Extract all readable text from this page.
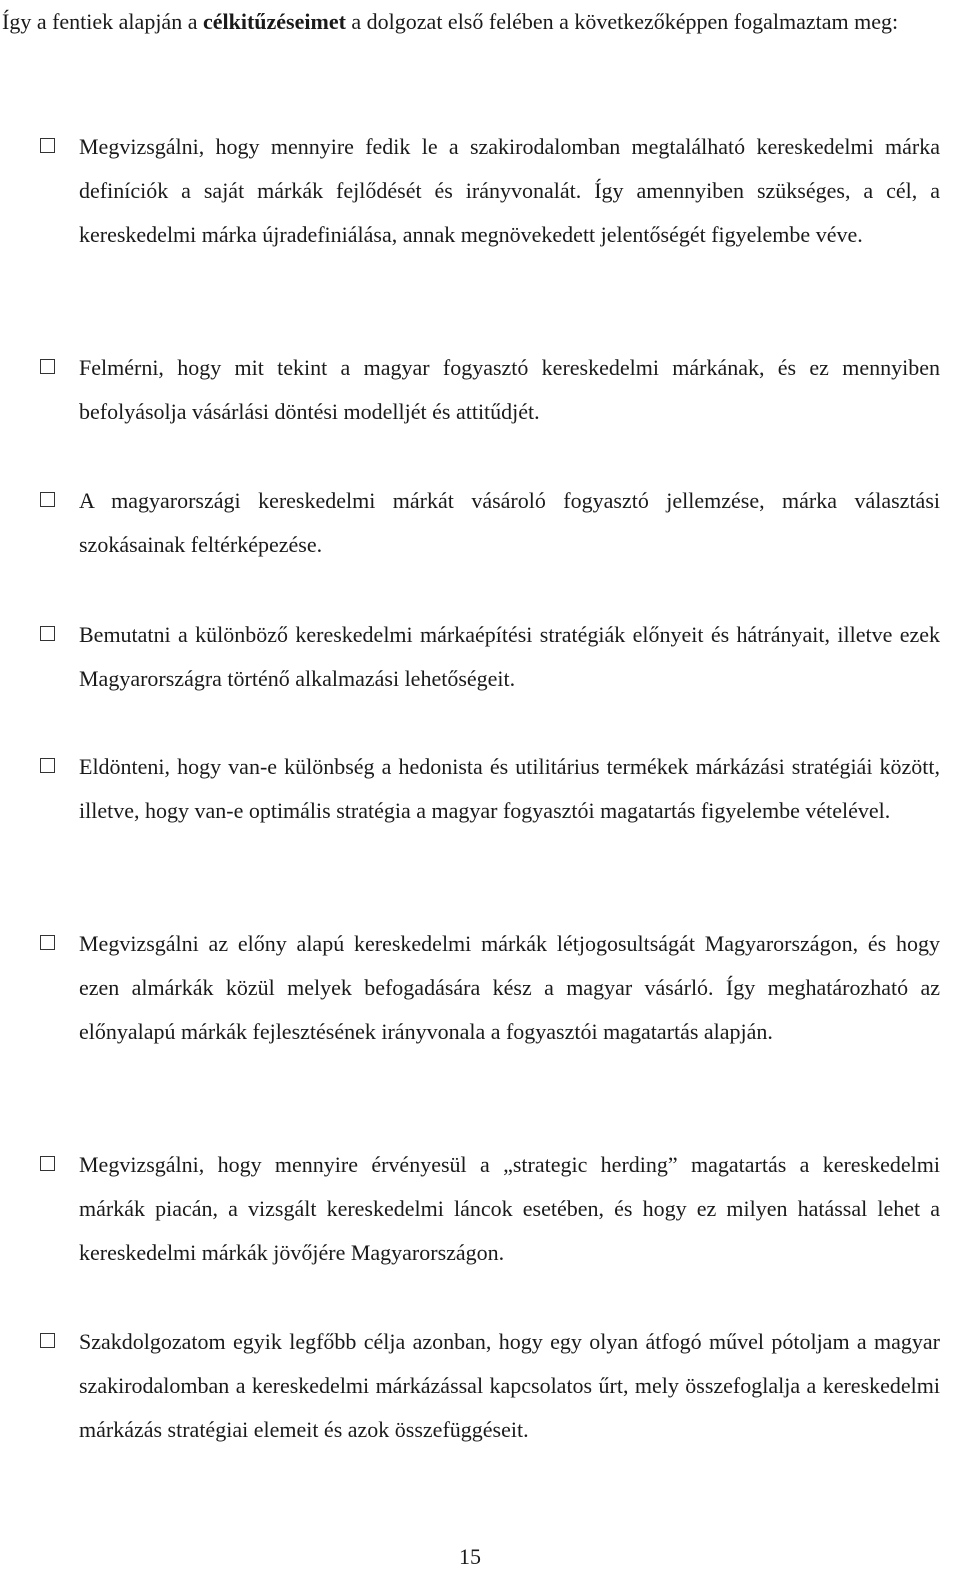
Így a fentiek alapján a célkitűzéseimet a dolgozat első felében a következőképpen fogalmaztam meg:

Megvizsgálni, hogy mennyire fedik le a szakirodalomban megtalálható kereskedelmi márka definíciók a saját márkák fejlődését és irányvonalát. Így amennyiben szükséges, a cél, a kereskedelmi márka újradefiniálása, annak megnövekedett jelentőségét figyelembe véve.

Felmérni, hogy mit tekint a magyar fogyasztó kereskedelmi márkának, és ez mennyiben befolyásolja vásárlási döntési modelljét és attitűdjét.

A magyarországi kereskedelmi márkát vásároló fogyasztó jellemzése, márka választási szokásainak feltérképezése.

Bemutatni a különböző kereskedelmi márkaépítési stratégiák előnyeit és hátrányait, illetve ezek Magyarországra történő alkalmazási lehetőségeit.

Eldönteni, hogy van-e különbség a hedonista és utilitárius termékek márkázási stratégiái között, illetve, hogy van-e optimális stratégia a magyar fogyasztói magatartás figyelembe vételével.

Megvizsgálni az előny alapú kereskedelmi márkák létjogosultságát Magyarországon, és hogy ezen almárkák közül melyek befogadására kész a magyar vásárló. Így meghatározható az előnyalapú márkák fejlesztésének irányvonala a fogyasztói magatartás alapján.

Megvizsgálni, hogy mennyire érvényesül a „strategic herding” magatartás a kereskedelmi márkák piacán, a vizsgált kereskedelmi láncok esetében, és hogy ez milyen hatással lehet a kereskedelmi márkák jövőjére Magyarországon.

Szakdolgozatom egyik legfőbb célja azonban, hogy egy olyan átfogó művel pótoljam a magyar szakirodalomban a kereskedelmi márkázással kapcsolatos űrt, mely összefoglalja a kereskedelmi márkázás stratégiai elemeit és azok összefüggéseit.

15
